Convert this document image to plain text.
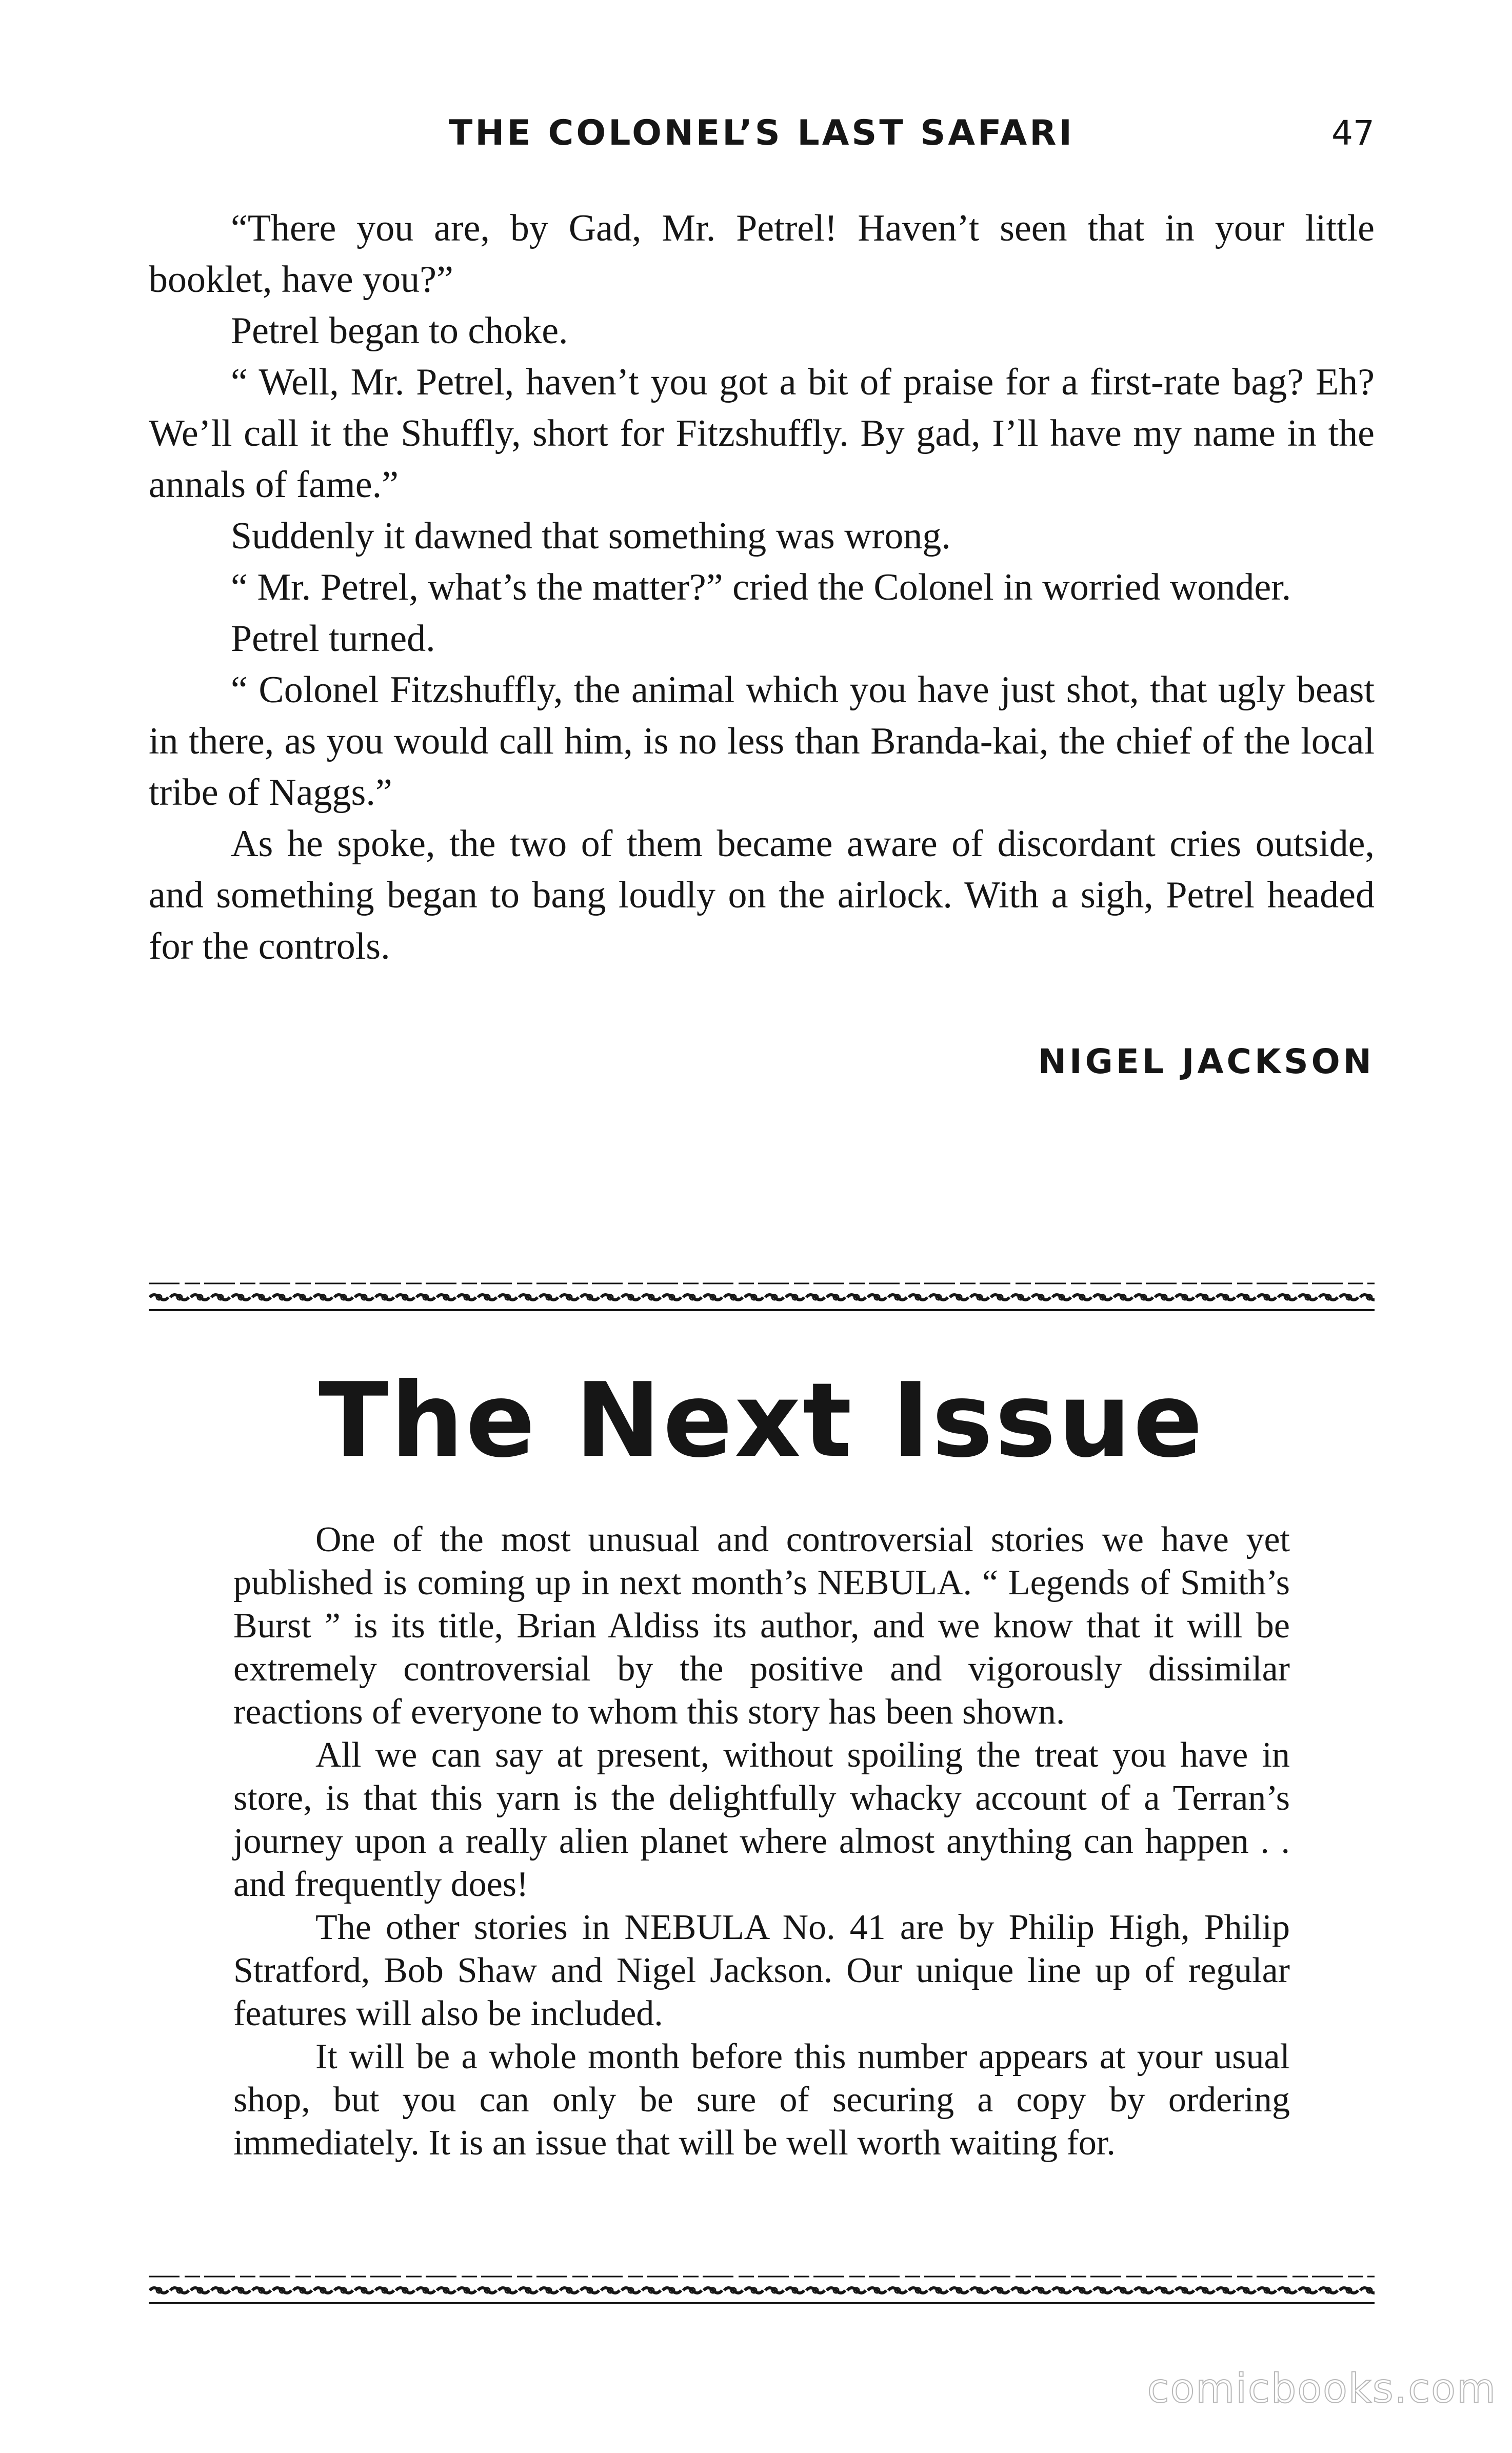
THE COLONEL’S LAST SAFARI	47

“There you are, by Gad, Mr. Petrel! Haven’t seen that in your little booklet, have you?”

Petrel began to choke.

“ Well, Mr. Petrel, haven’t you got a bit of praise for a first-rate bag? Eh? We’ll call it the Shuffly, short for Fitzshuffly. By gad, I’ll have my name in the annals of fame.”

Suddenly it dawned that something was wrong.

“ Mr. Petrel, what’s the matter?” cried the Colonel in worried wonder.

Petrel turned.

“ Colonel Fitzshuffly, the animal which you have just shot, that ugly beast in there, as you would call him, is no less than Branda-kai, the chief of the local tribe of Naggs.”

As he spoke, the two of them became aware of discordant cries outside, and something began to bang loudly on the airlock. With a sigh, Petrel headed for the controls.

NIGEL JACKSON
The Next Issue

One of the most unusual and controversial stories we have yet published is coming up in next month’s NEBULA. “ Legends of Smith’s Burst ” is its title, Brian Aldiss its author, and we know that it will be extremely controversial by the positive and vigorously dissimilar reactions of everyone to whom this story has been shown.

All we can say at present, without spoiling the treat you have in store, is that this yarn is the delightfully whacky account of a Terran’s journey upon a really alien planet where almost anything can happen . . and frequently does!

The other stories in NEBULA No. 41 are by Philip High, Philip Stratford, Bob Shaw and Nigel Jackson. Our unique line up of regular features will also be included.

It will be a whole month before this number appears at your usual shop, but you can only be sure of securing a copy by ordering immediately. It is an issue that will be well worth waiting for.

comicbooks.com
